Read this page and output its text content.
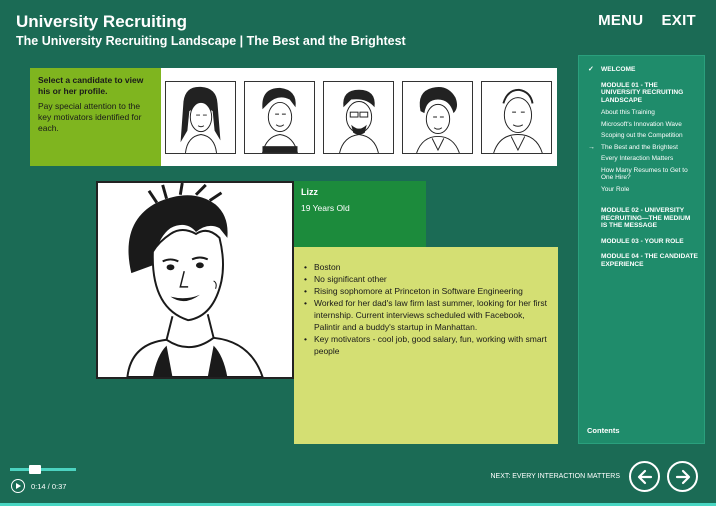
University Recruiting
The University Recruiting Landscape | The Best and the Brightest
MENU EXIT
Select a candidate to view his or her profile.
Pay special attention to the key motivators identified for each.
Lizz
19 Years Old
• Boston
• No significant other
• Rising sophomore at Princeton in Software Engineering
• Worked for her dad's law firm last summer, looking for her first internship. Current interviews scheduled with Facebook, Palintir and a buddy's startup in Manhattan.
• Key motivators - cool job, good salary, fun, working with smart people
✓ WELCOME
MODULE 01 - THE UNIVERSITY RECRUITING LANDSCAPE
About this Training
Microsoft's Innovation Wave
Scoping out the Competition
→ The Best and the Brightest
Every Interaction Matters
How Many Resumes to Get to One Hire?
Your Role
MODULE 02 - UNIVERSITY RECRUITING—THE MEDIUM IS THE MESSAGE
MODULE 03 - YOUR ROLE
MODULE 04 - THE CANDIDATE EXPERIENCE
Contents
0:14 / 0:37
NEXT: EVERY INTERACTION MATTERS
